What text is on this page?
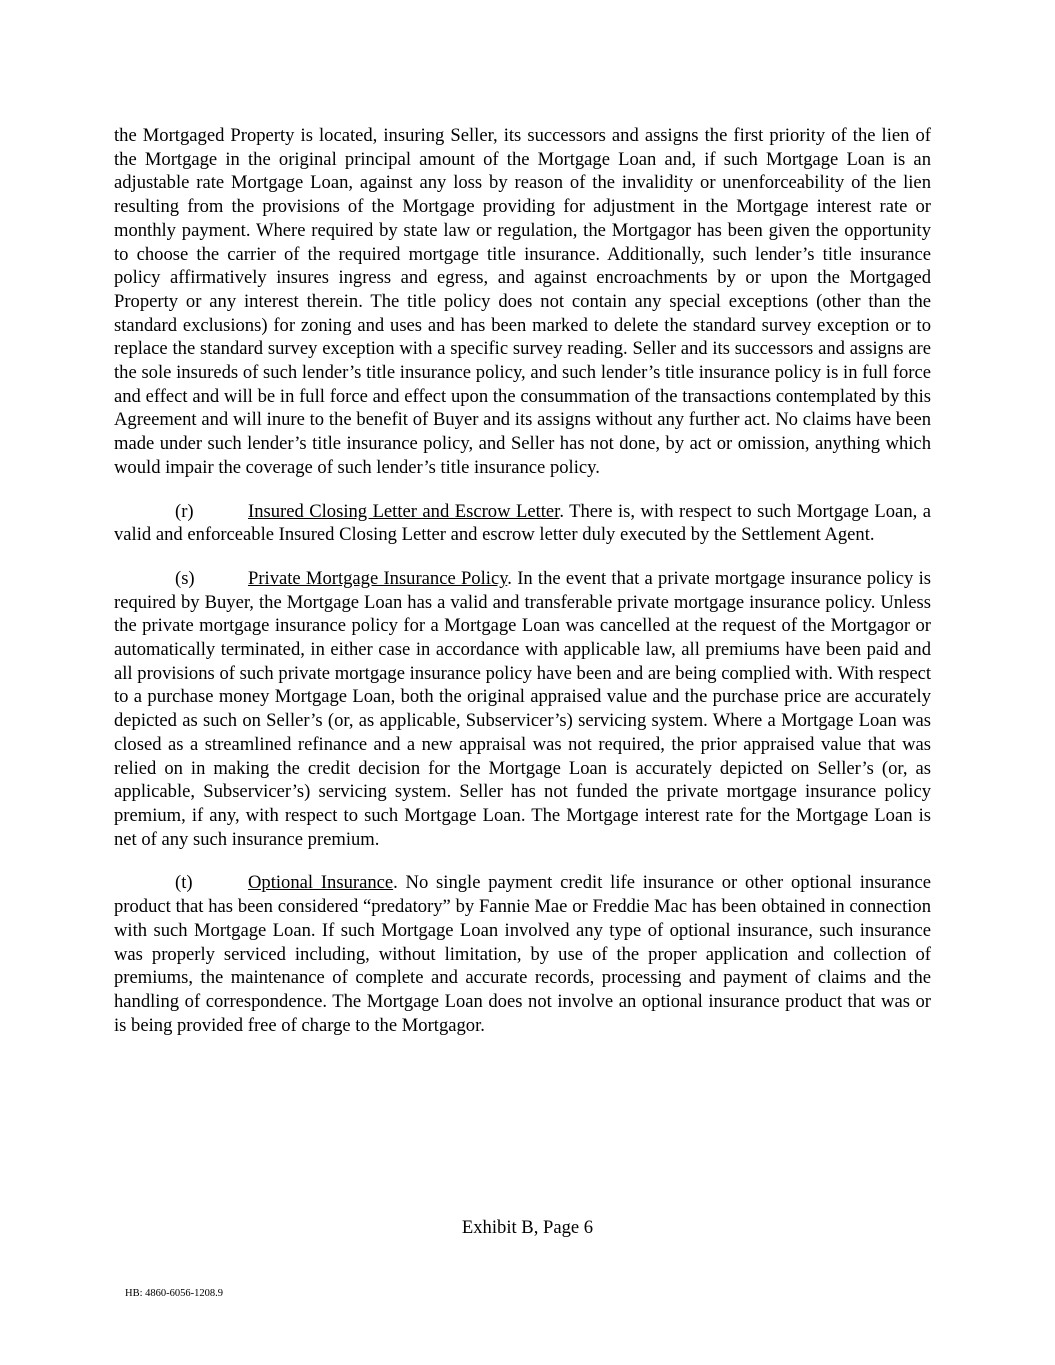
the Mortgaged Property is located, insuring Seller, its successors and assigns the first priority of the lien of the Mortgage in the original principal amount of the Mortgage Loan and, if such Mortgage Loan is an adjustable rate Mortgage Loan, against any loss by reason of the invalidity or unenforceability of the lien resulting from the provisions of the Mortgage providing for adjustment in the Mortgage interest rate or monthly payment. Where required by state law or regulation, the Mortgagor has been given the opportunity to choose the carrier of the required mortgage title insurance. Additionally, such lender’s title insurance policy affirmatively insures ingress and egress, and against encroachments by or upon the Mortgaged Property or any interest therein. The title policy does not contain any special exceptions (other than the standard exclusions) for zoning and uses and has been marked to delete the standard survey exception or to replace the standard survey exception with a specific survey reading. Seller and its successors and assigns are the sole insureds of such lender’s title insurance policy, and such lender’s title insurance policy is in full force and effect and will be in full force and effect upon the consummation of the transactions contemplated by this Agreement and will inure to the benefit of Buyer and its assigns without any further act. No claims have been made under such lender’s title insurance policy, and Seller has not done, by act or omission, anything which would impair the coverage of such lender’s title insurance policy.

(r)	Insured Closing Letter and Escrow Letter. There is, with respect to such Mortgage Loan, a valid and enforceable Insured Closing Letter and escrow letter duly executed by the Settlement Agent.

(s)	Private Mortgage Insurance Policy. In the event that a private mortgage insurance policy is required by Buyer, the Mortgage Loan has a valid and transferable private mortgage insurance policy. Unless the private mortgage insurance policy for a Mortgage Loan was cancelled at the request of the Mortgagor or automatically terminated, in either case in accordance with applicable law, all premiums have been paid and all provisions of such private mortgage insurance policy have been and are being complied with. With respect to a purchase money Mortgage Loan, both the original appraised value and the purchase price are accurately depicted as such on Seller’s (or, as applicable, Subservicer’s) servicing system. Where a Mortgage Loan was closed as a streamlined refinance and a new appraisal was not required, the prior appraised value that was relied on in making the credit decision for the Mortgage Loan is accurately depicted on Seller’s (or, as applicable, Subservicer’s) servicing system. Seller has not funded the private mortgage insurance policy premium, if any, with respect to such Mortgage Loan. The Mortgage interest rate for the Mortgage Loan is net of any such insurance premium.

(t)	Optional Insurance. No single payment credit life insurance or other optional insurance product that has been considered “predatory” by Fannie Mae or Freddie Mac has been obtained in connection with such Mortgage Loan. If such Mortgage Loan involved any type of optional insurance, such insurance was properly serviced including, without limitation, by use of the proper application and collection of premiums, the maintenance of complete and accurate records, processing and payment of claims and the handling of correspondence. The Mortgage Loan does not involve an optional insurance product that was or is being provided free of charge to the Mortgagor.

Exhibit B, Page 6
HB: 4860-6056-1208.9
